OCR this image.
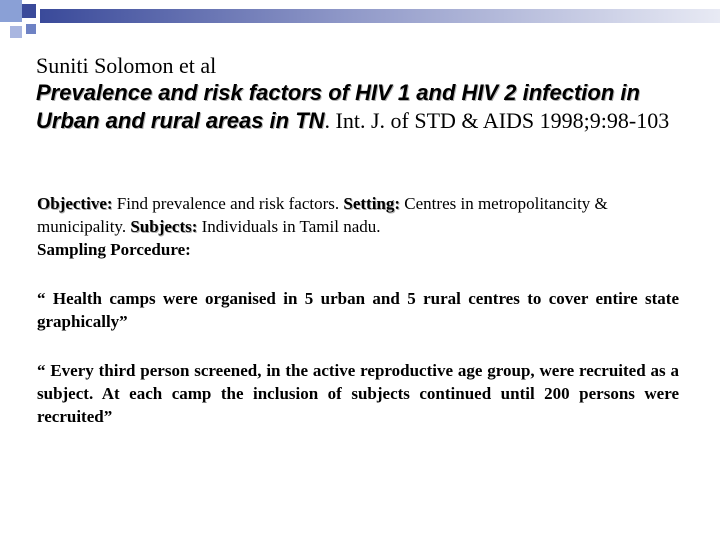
Suniti Solomon et al
Prevalence and risk factors of HIV 1 and HIV 2 infection in Urban and rural areas in TN. Int. J. of STD & AIDS 1998;9:98-103
Objective: Find prevalence and risk factors. Setting: Centres in metropolitancity & municipality. Subjects: Individuals in Tamil nadu.
Sampling Porcedure:
“ Health camps were organised in 5 urban and 5 rural centres to cover entire state graphically”
“ Every third person screened, in the active reproductive age group, were recruited as a subject. At each camp the inclusion of subjects continued until 200 persons were recruited”
